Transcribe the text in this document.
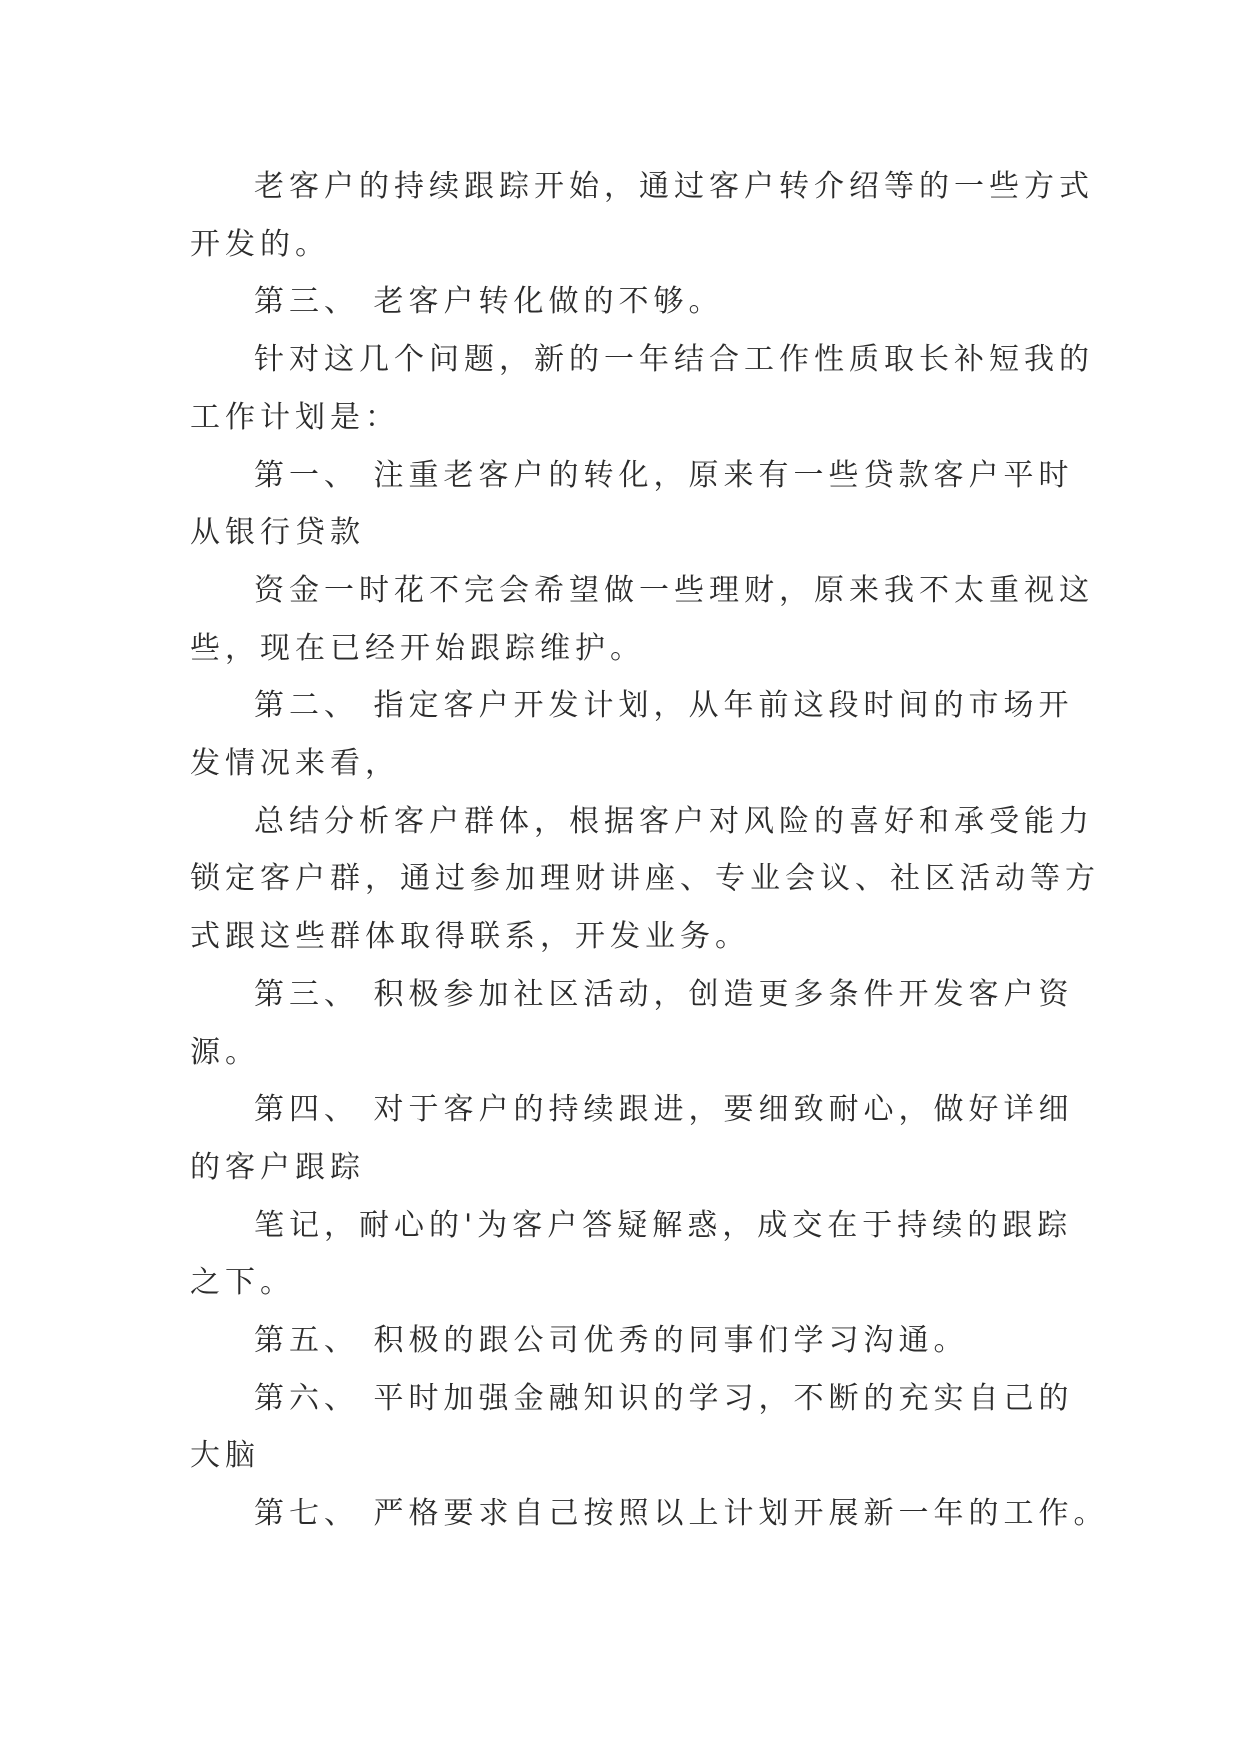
老客户的持续跟踪开始，通过客户转介绍等的一些方式
开发的。

第三、 老客户转化做的不够。

针对这几个问题，新的一年结合工作性质取长补短我的
工作计划是：

第一、 注重老客户的转化，原来有一些贷款客户平时
从银行贷款

资金一时花不完会希望做一些理财，原来我不太重视这
些，现在已经开始跟踪维护。

第二、 指定客户开发计划，从年前这段时间的市场开
发情况来看，

总结分析客户群体，根据客户对风险的喜好和承受能力
锁定客户群，通过参加理财讲座、专业会议、社区活动等方
式跟这些群体取得联系，开发业务。

第三、 积极参加社区活动，创造更多条件开发客户资
源。

第四、 对于客户的持续跟进，要细致耐心，做好详细
的客户跟踪

笔记，耐心的'为客户答疑解惑，成交在于持续的跟踪
之下。

第五、 积极的跟公司优秀的同事们学习沟通。

第六、 平时加强金融知识的学习，不断的充实自己的
大脑

第七、 严格要求自己按照以上计划开展新一年的工作。
